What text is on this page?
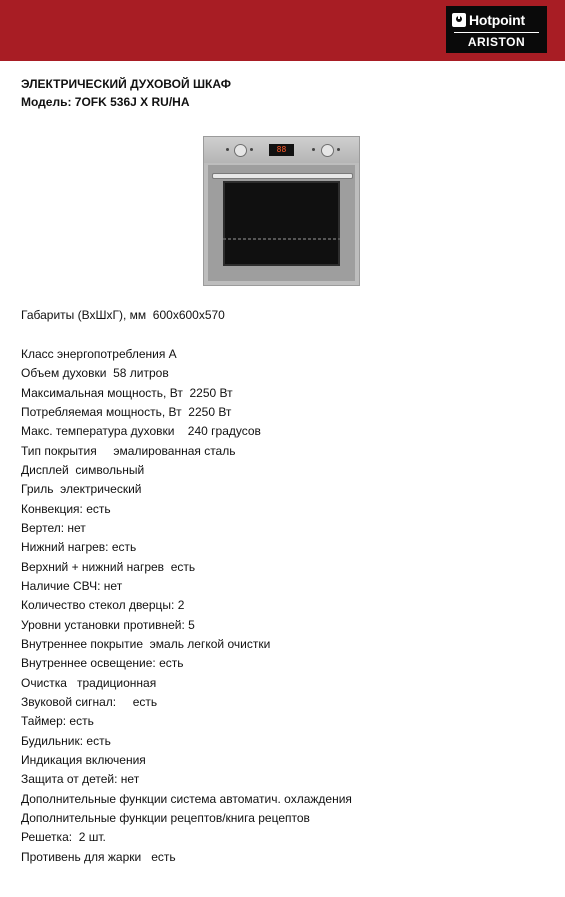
Hotpoint
ARISTON
ЭЛЕКТРИЧЕСКИЙ ДУХОВОЙ ШКАФ
Модель: 7OFK 536J X RU/HA
88
Габариты (ВхШхГ), мм  600х600х570
Класс энергопотребления А
Объем духовки  58 литров
Максимальная мощность, Вт  2250 Вт
Потребляемая мощность, Вт  2250 Вт
Макс. температура духовки    240 градусов
Тип покрытия     эмалированная сталь
Дисплей  символьный
Гриль  электрический
Конвекция: есть
Вертел: нет
Нижний нагрев: есть
Верхний + нижний нагрев  есть
Наличие СВЧ: нет
Количество стекол дверцы: 2
Уровни установки противней: 5
Внутреннее покрытие  эмаль легкой очистки
Внутреннее освещение: есть
Очистка   традиционная
Звуковой сигнал:     есть
Таймер: есть
Будильник: есть
Индикация включения
Защита от детей: нет
Дополнительные функции система автоматич. охлаждения
Дополнительные функции рецептов/книга рецептов
Решетка:  2 шт.
Противень для жарки   есть
